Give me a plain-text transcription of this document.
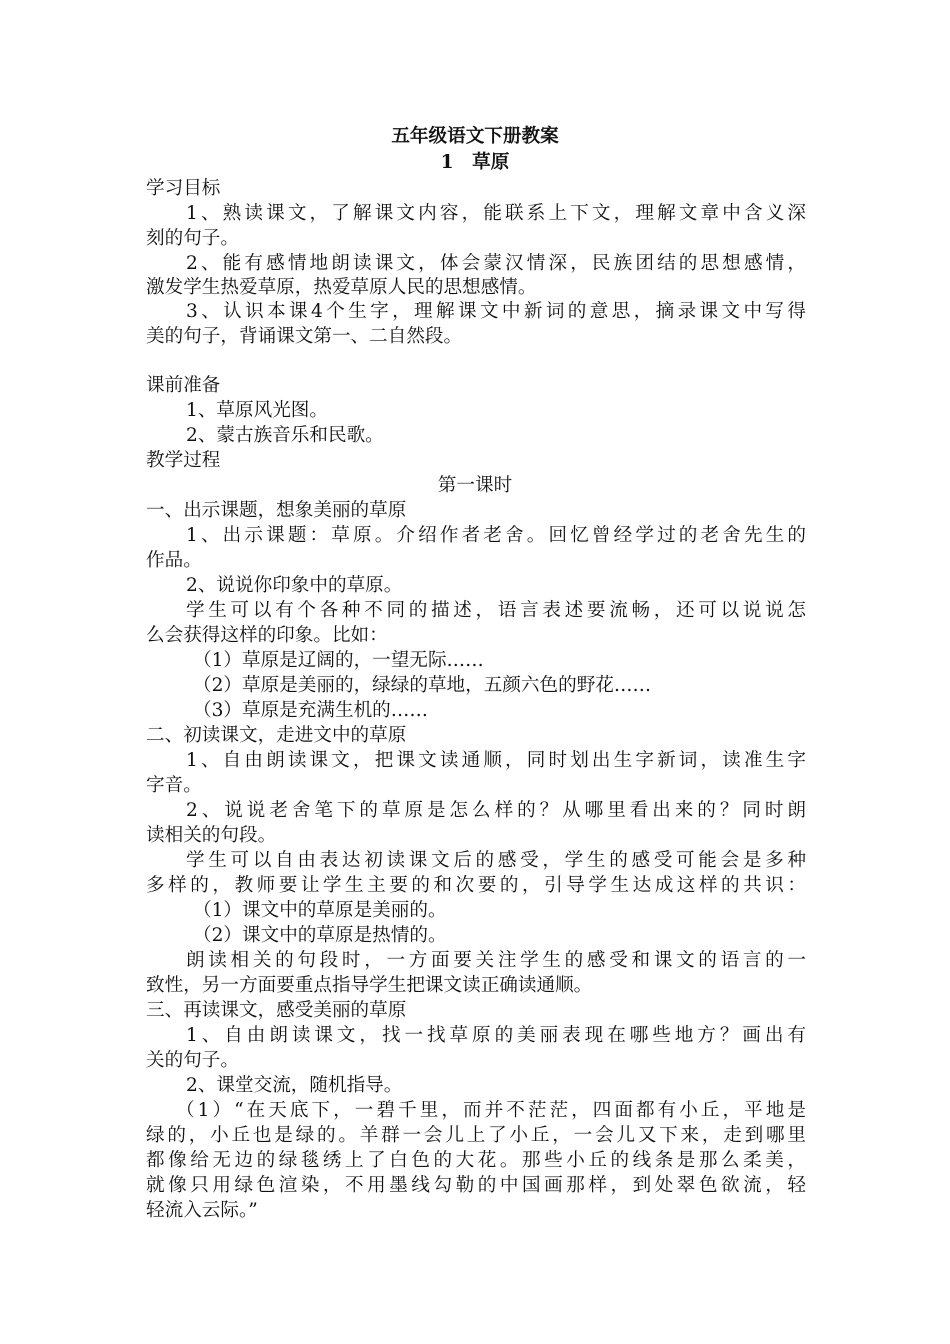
五年级语文下册教案
1　草原
学习目标
1、熟读课文，了解课文内容，能联系上下文，理解文章中含义深
刻的句子。
2、能有感情地朗读课文，体会蒙汉情深，民族团结的思想感情，
激发学生热爱草原，热爱草原人民的思想感情。
3、认识本课4个生字，理解课文中新词的意思，摘录课文中写得
美的句子，背诵课文第一、二自然段。
课前准备
1、草原风光图。
2、蒙古族音乐和民歌。
教学过程
第一课时
一、出示课题，想象美丽的草原
1、出示课题：草原。介绍作者老舍。回忆曾经学过的老舍先生的
作品。
2、说说你印象中的草原。
学生可以有个各种不同的描述，语言表述要流畅，还可以说说怎
么会获得这样的印象。比如：
（1）草原是辽阔的，一望无际……
（2）草原是美丽的，绿绿的草地，五颜六色的野花……
（3）草原是充满生机的……
二、初读课文，走进文中的草原
1、自由朗读课文，把课文读通顺，同时划出生字新词，读准生字
字音。
2、说说老舍笔下的草原是怎么样的？从哪里看出来的？同时朗
读相关的句段。
学生可以自由表达初读课文后的感受，学生的感受可能会是多种
多样的，教师要让学生主要的和次要的，引导学生达成这样的共识：
（1）课文中的草原是美丽的。
（2）课文中的草原是热情的。
朗读相关的句段时，一方面要关注学生的感受和课文的语言的一
致性，另一方面要重点指导学生把课文读正确读通顺。
三、再读课文，感受美丽的草原
1、自由朗读课文，找一找草原的美丽表现在哪些地方？画出有
关的句子。
2、课堂交流，随机指导。
（1）“在天底下，一碧千里，而并不茫茫，四面都有小丘，平地是
绿的，小丘也是绿的。羊群一会儿上了小丘，一会儿又下来，走到哪里
都像给无边的绿毯绣上了白色的大花。那些小丘的线条是那么柔美，
就像只用绿色渲染，不用墨线勾勒的中国画那样，到处翠色欲流，轻
轻流入云际。”
